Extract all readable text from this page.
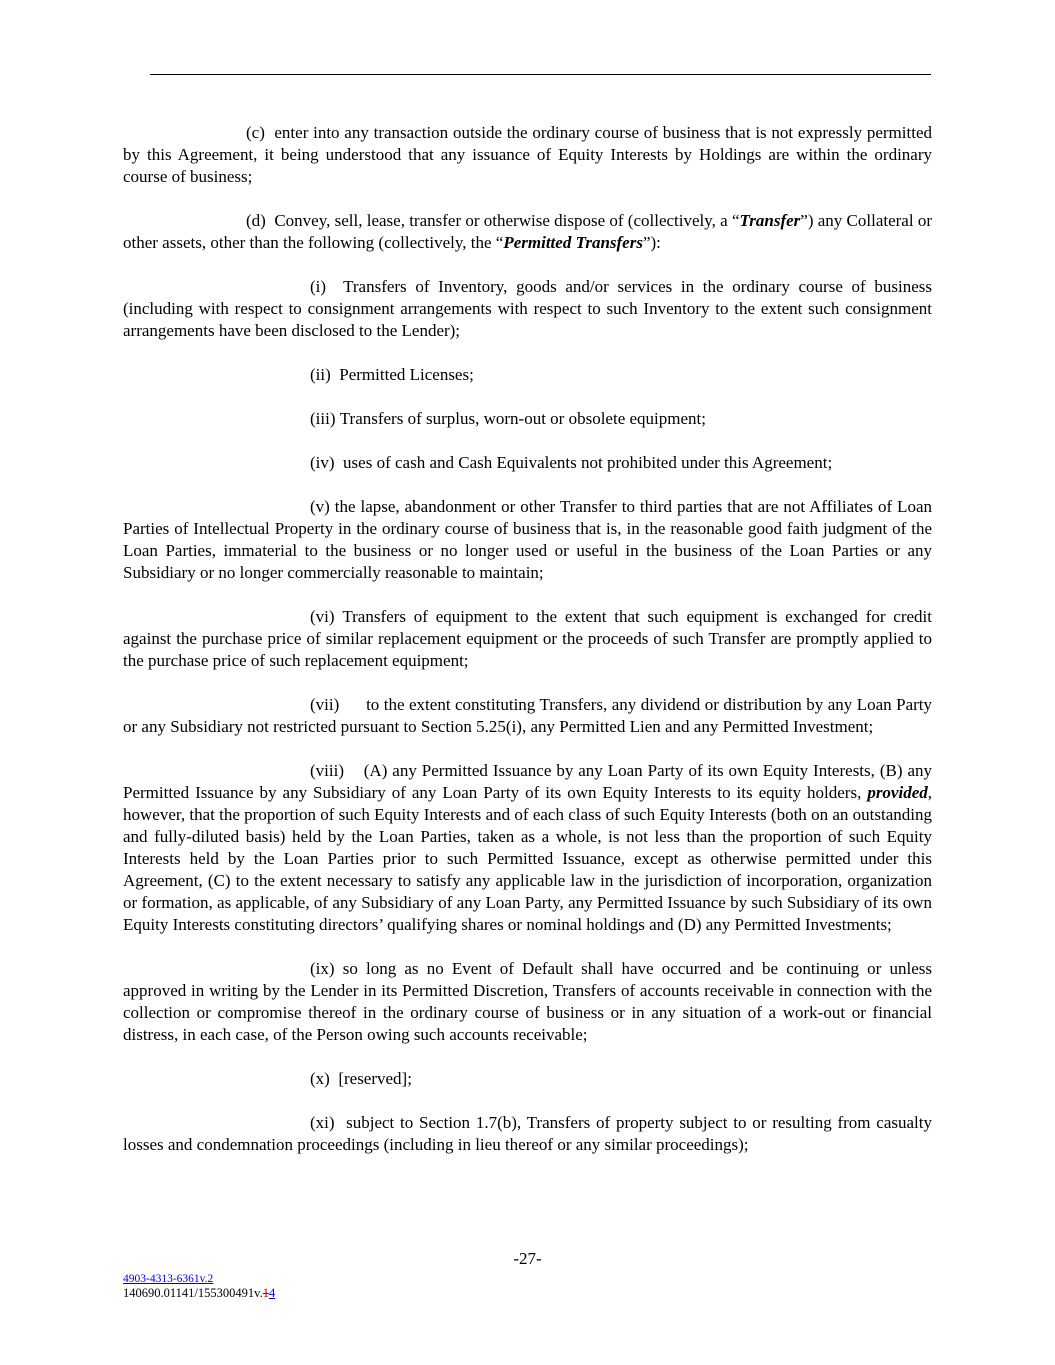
(c)  enter into any transaction outside the ordinary course of business that is not expressly permitted by this Agreement, it being understood that any issuance of Equity Interests by Holdings are within the ordinary course of business;

(d)  Convey, sell, lease, transfer or otherwise dispose of (collectively, a “Transfer”) any Collateral or other assets, other than the following (collectively, the “Permitted Transfers”):

(i)  Transfers of Inventory, goods and/or services in the ordinary course of business (including with respect to consignment arrangements with respect to such Inventory to the extent such consignment arrangements have been disclosed to the Lender);

(ii)  Permitted Licenses;

(iii) Transfers of surplus, worn-out or obsolete equipment;

(iv)  uses of cash and Cash Equivalents not prohibited under this Agreement;

(v) the lapse, abandonment or other Transfer to third parties that are not Affiliates of Loan Parties of Intellectual Property in the ordinary course of business that is, in the reasonable good faith judgment of the Loan Parties, immaterial to the business or no longer used or useful in the business of the Loan Parties or any Subsidiary or no longer commercially reasonable to maintain;

(vi) Transfers of equipment to the extent that such equipment is exchanged for credit against the purchase price of similar replacement equipment or the proceeds of such Transfer are promptly applied to the purchase price of such replacement equipment;

(vii)      to the extent constituting Transfers, any dividend or distribution by any Loan Party or any Subsidiary not restricted pursuant to Section 5.25(i), any Permitted Lien and any Permitted Investment;

(viii)    (A) any Permitted Issuance by any Loan Party of its own Equity Interests, (B) any Permitted Issuance by any Subsidiary of any Loan Party of its own Equity Interests to its equity holders, provided, however, that the proportion of such Equity Interests and of each class of such Equity Interests (both on an outstanding and fully-diluted basis) held by the Loan Parties, taken as a whole, is not less than the proportion of such Equity Interests held by the Loan Parties prior to such Permitted Issuance, except as otherwise permitted under this Agreement, (C) to the extent necessary to satisfy any applicable law in the jurisdiction of incorporation, organization or formation, as applicable, of any Subsidiary of any Loan Party, any Permitted Issuance by such Subsidiary of its own Equity Interests constituting directors’ qualifying shares or nominal holdings and (D) any Permitted Investments;

(ix) so long as no Event of Default shall have occurred and be continuing or unless approved in writing by the Lender in its Permitted Discretion, Transfers of accounts receivable in connection with the collection or compromise thereof in the ordinary course of business or in any situation of a work-out or financial distress, in each case, of the Person owing such accounts receivable;

(x)  [reserved];

(xi)  subject to Section 1.7(b), Transfers of property subject to or resulting from casualty losses and condemnation proceedings (including in lieu thereof or any similar proceedings);

-27-
4903-4313-6361v.2
140690.01141/155300491v.14
